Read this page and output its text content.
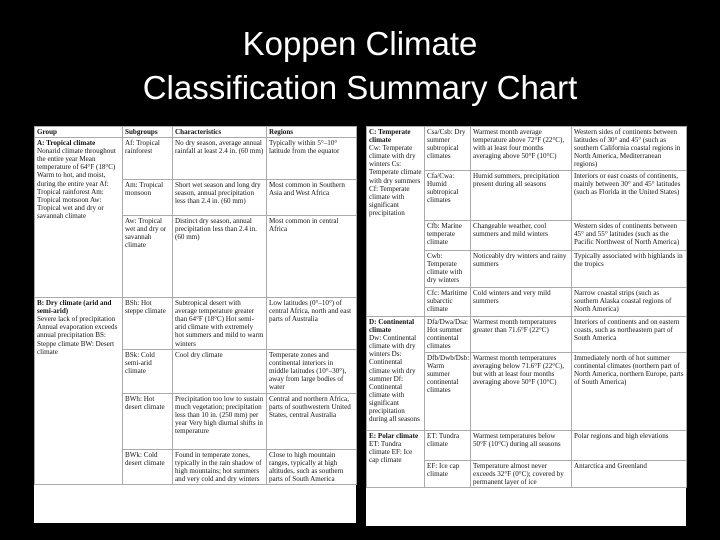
Koppen Climate
Classification Summary Chart
Group	Subgroups	Characteristics	Regions

A: Tropical climate
Nonarid climate throughout the entire year Mean temperature of 64°F (18°C) Warm to hot, and moist, during the entire year Af: Tropical rainforest Am: Tropical monsoon Aw: Tropical wet and dry or savannah climate	Af: Tropical rainforest	No dry season, average annual rainfall at least 2.4 in. (60 mm)	Typically within 5°–10° latitude from the equator
	Am: Tropical monsoon	Short wet season and long dry season, annual precipitation less than 2.4 in. (60 mm)	Most common in Southern Asia and West Africa
	Aw: Tropical wet and dry or savannah climate	Distinct dry season, annual precipitation less than 2.4 in. (60 mm)	Most common in central Africa

B: Dry climate (arid and semi-arid)
Severe lack of precipitation Annual evaporation exceeds annual precipitation BS: Steppe climate BW: Desert climate	BSh: Hot steppe climate	Subtropical desert with average temperature greater than 64°F (18°C) Hot semi-arid climate with extremely hot summers and mild to warm winters	Low latitudes (0°–10°) of central Africa, north and east parts of Australia
	BSk: Cold semi-arid climate	Cool dry climate	Temperate zones and continental interiors in middle latitudes (10°–30°), away from large bodies of water
	BWh: Hot desert climate	Precipitation too low to sustain much vegetation; precipitation less than 10 in. (250 mm) per year Very high diurnal shifts in temperature	Central and northern Africa, parts of southwestern United States, central Australia
	BWk: Cold desert climate	Found in temperate zones, typically in the rain shadow of high mountains; hot summers and very cold and dry winters	Close to high mountain ranges, typically at high altitudes, such as southern parts of South America
C: Temperate climate
Cw: Temperate climate with dry winters Cs: Temperate climate with dry summers Cf: Temperate climate with significant precipitation	Csa/Csb: Dry summer subtropical climates	Warmest month average temperature above 72°F (22°C), with at least four months averaging above 50°F (10°C)	Western sides of continents between latitudes of 30° and 45° (such as southern California coastal regions in North America, Mediterranean regions)
	Cfa/Cwa: Humid subtropical climates	Humid summers, precipitation present during all seasons	Interiors or east coasts of continents, mainly between 30° and 45° latitudes (such as Florida in the United States)
	Cfb: Marine temperate climate	Changeable weather, cool summers and mild winters	Western sides of continents between 45° and 55° latitudes (such as the Pacific Northwest of North America)
	Cwb: Temperate climate with dry winters	Noticeably dry winters and rainy summers	Typically associated with highlands in the tropics
	Cfc: Maritime subarctic climate	Cold winters and very mild summers	Narrow coastal strips (such as southern Alaska coastal regions of North America)

D: Continental climate
Dw: Continental climate with dry winters Ds: Continental climate with dry summer Df: Continental climate with significant precipitation during all seasons	Dfa/Dwa/Dsa: Hot summer continental climates	Warmest month temperatures greater than 71.6°F (22°C)	Interiors of continents and on eastern coasts, such as northeastern part of South America
	Dfb/Dwb/Dsb: Warm summer continental climates	Warmest month temperatures averaging below 71.6°F (22°C), but with at least four months averaging above 50°F (10°C)	Immediately north of hot summer continental climates (northern part of North America, northern Europe, parts of South America)

E: Polar climate
ET: Tundra climate EF: Ice cap climate	ET: Tundra climate	Warmest temperatures below 50°F (10°C) during all seasons	Polar regions and high elevations
	EF: Ice cap climate	Temperature almost never exceeds 32°F (0°C); covered by permanent layer of ice	Antarctica and Greenland
